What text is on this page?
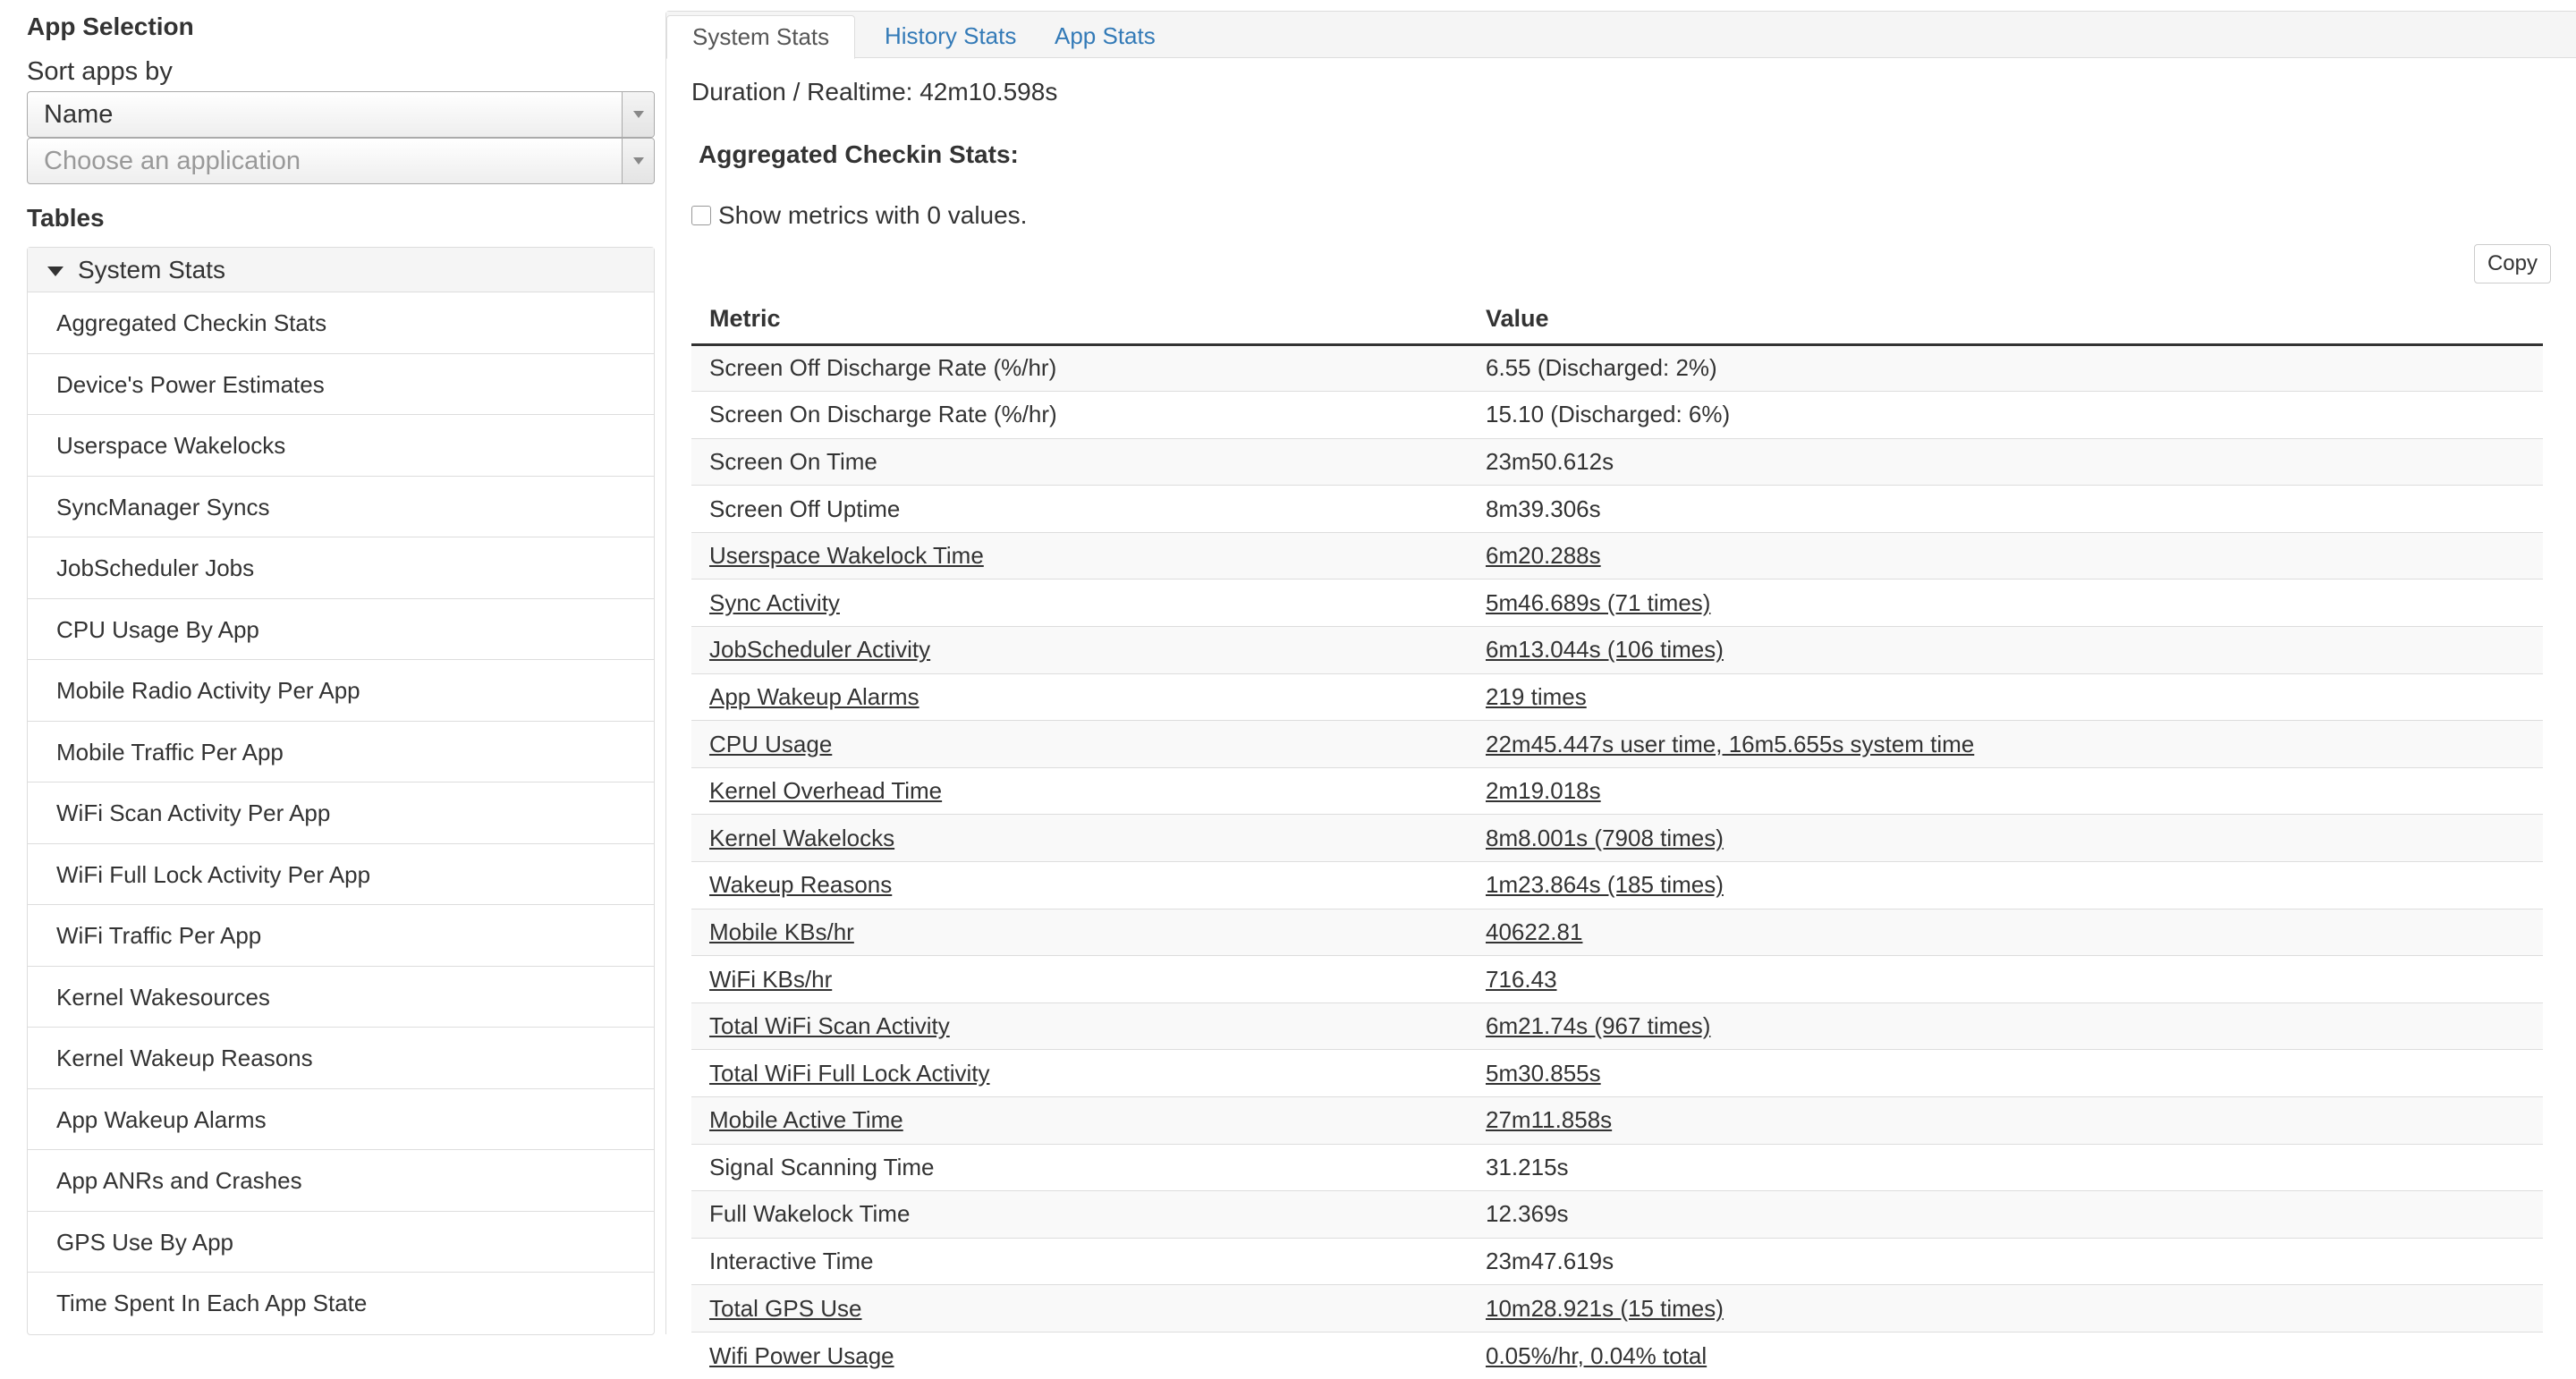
App Selection
Sort apps by
Name
Choose an application
Tables
System Stats
Aggregated Checkin Stats
Device's Power Estimates
Userspace Wakelocks
SyncManager Syncs
JobScheduler Jobs
CPU Usage By App
Mobile Radio Activity Per App
Mobile Traffic Per App
WiFi Scan Activity Per App
WiFi Full Lock Activity Per App
WiFi Traffic Per App
Kernel Wakesources
Kernel Wakeup Reasons
App Wakeup Alarms
App ANRs and Crashes
GPS Use By App
Time Spent In Each App State
System Stats	History Stats	App Stats
Duration / Realtime: 42m10.598s
Aggregated Checkin Stats:
Show metrics with 0 values.
Copy
Metric	Value
Screen Off Discharge Rate (%/hr)	6.55 (Discharged: 2%)
Screen On Discharge Rate (%/hr)	15.10 (Discharged: 6%)
Screen On Time	23m50.612s
Screen Off Uptime	8m39.306s
Userspace Wakelock Time	6m20.288s
Sync Activity	5m46.689s (71 times)
JobScheduler Activity	6m13.044s (106 times)
App Wakeup Alarms	219 times
CPU Usage	22m45.447s user time, 16m5.655s system time
Kernel Overhead Time	2m19.018s
Kernel Wakelocks	8m8.001s (7908 times)
Wakeup Reasons	1m23.864s (185 times)
Mobile KBs/hr	40622.81
WiFi KBs/hr	716.43
Total WiFi Scan Activity	6m21.74s (967 times)
Total WiFi Full Lock Activity	5m30.855s
Mobile Active Time	27m11.858s
Signal Scanning Time	31.215s
Full Wakelock Time	12.369s
Interactive Time	23m47.619s
Total GPS Use	10m28.921s (15 times)
Wifi Power Usage	0.05%/hr, 0.04% total
